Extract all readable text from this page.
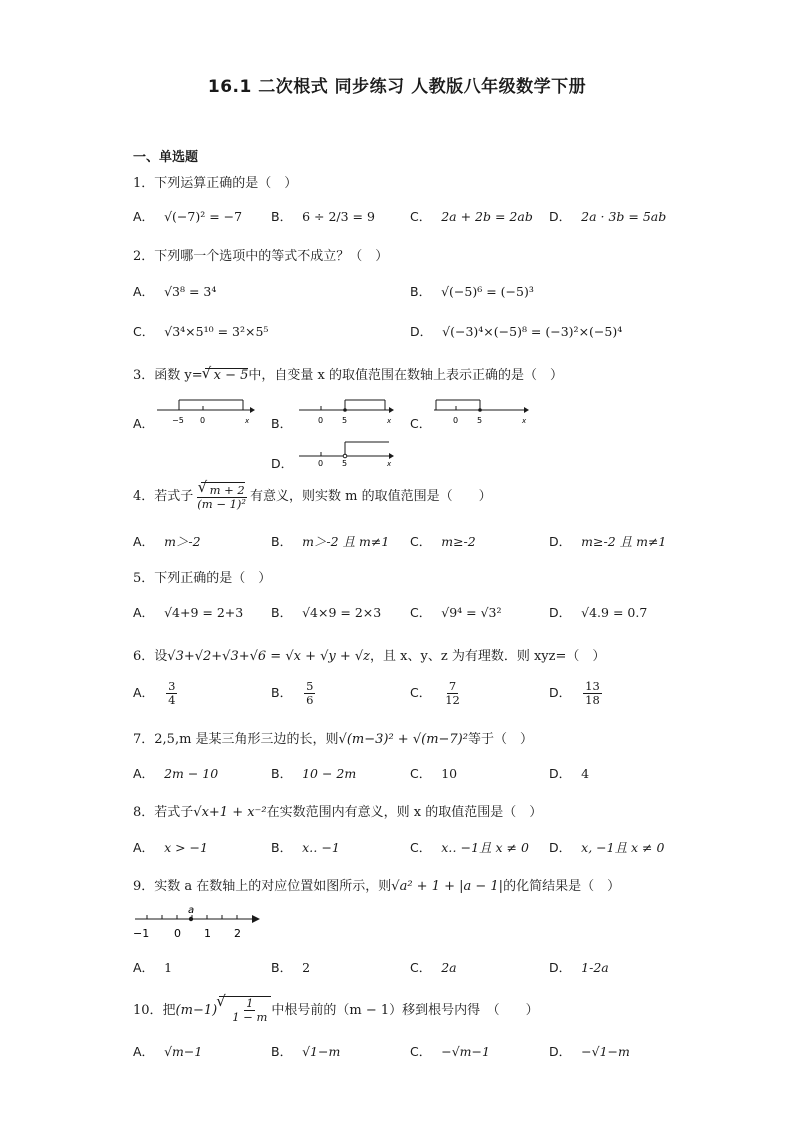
16.1 二次根式 同步练习 人教版八年级数学下册
一、单选题
1．下列运算正确的是（　）
A． √(−7)² = −7 B． 6 ÷ 2/3 = 9	C． 2a + 2b = 2ab D． 2a · 3b = 5ab
2．下列哪一个选项中的等式不成立？（　）
A． √3⁸ = 3⁴	B． √(−5)⁶ = (−5)³
C． √3⁴×5¹⁰ = 3²×5⁵	D． √(−3)⁴×(−5)⁸ = (−3)²×(−5)⁴
3．函数 y= √ x − 5中，自变量 x 的取值范围在数轴上表示正确的是（　）
A．	B．	C．
D．
−5 0	x	0 5	x	0 5	x
0 5	x
4．若式子 √ $\frac{m + 2}{\text{(m − 1)²}}$ 有意义，则实数 m 的取值范围是（　　）
A． m＞-2	B． m＞-2 且 m≠1 C． m≥-2	D． m≥-2 且 m≠1
5．下列正确的是（　）
A． √4+9 = 2+3 B． √4×9 = 2×3 C． √9⁴ = √3²	D． √4.9 = 0.7
6．设√3+√2+√3+√6 = √x + √y + √z，且 x、y、z 为有理数．则 xyz=（　）
A． $\frac{3}{4}$	B． $\frac{5}{6}$	C． $\frac{7}{12}$	D． $\frac{13}{18}$
7．2,5,m 是某三角形三边的长，则√(m−3)² + √(m−7)²等于（　）
A． 2m − 10	B． 10 − 2m	C． 10	D． 4
8．若式子√x+1 + x⁻²在实数范围内有意义，则 x 的取值范围是（　）
A． x > −1	B． x‥ −1	C． x‥ −1且 x ≠ 0 D． x, −1且 x ≠ 0
9．实数 a 在数轴上的对应位置如图所示，则√a² + 1 + |a − 1|的化简结果是（　）
a
−1 0 1 2
A． 1	B． 2	C． 2a	D． 1-2a
10．把(m−1) √ $\frac{1}{1 - m}$ 中根号前的（m − 1）移到根号内得　（　　）
A． √m−1	B． √1−m	C． −√m−1	D． −√1−m
